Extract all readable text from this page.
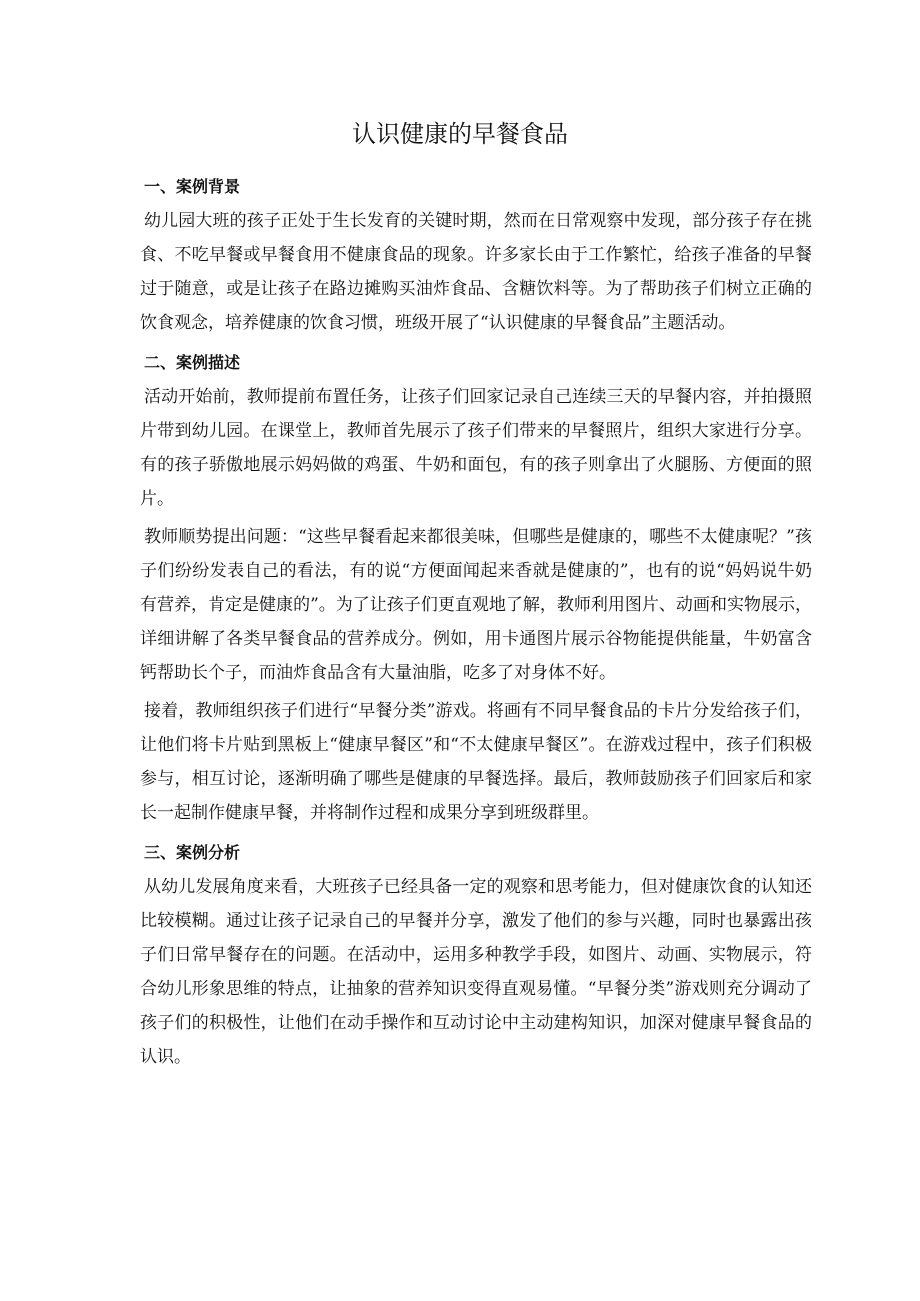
认识健康的早餐食品
一、案例背景

幼儿园大班的孩子正处于生长发育的关键时期，然而在日常观察中发现，部分孩子存在挑食、不吃早餐或早餐食用不健康食品的现象。许多家长由于工作繁忙，给孩子准备的早餐过于随意，或是让孩子在路边摊购买油炸食品、含糖饮料等。为了帮助孩子们树立正确的饮食观念，培养健康的饮食习惯，班级开展了“认识健康的早餐食品”主题活动。

二、案例描述

活动开始前，教师提前布置任务，让孩子们回家记录自己连续三天的早餐内容，并拍摄照片带到幼儿园。在课堂上，教师首先展示了孩子们带来的早餐照片，组织大家进行分享。有的孩子骄傲地展示妈妈做的鸡蛋、牛奶和面包，有的孩子则拿出了火腿肠、方便面的照片。

教师顺势提出问题：“这些早餐看起来都很美味，但哪些是健康的，哪些不太健康呢？”孩子们纷纷发表自己的看法，有的说“方便面闻起来香就是健康的”，也有的说“妈妈说牛奶有营养，肯定是健康的”。为了让孩子们更直观地了解，教师利用图片、动画和实物展示，详细讲解了各类早餐食品的营养成分。例如，用卡通图片展示谷物能提供能量，牛奶富含钙帮助长个子，而油炸食品含有大量油脂，吃多了对身体不好。

接着，教师组织孩子们进行“早餐分类”游戏。将画有不同早餐食品的卡片分发给孩子们，让他们将卡片贴到黑板上“健康早餐区”和“不太健康早餐区”。在游戏过程中，孩子们积极参与，相互讨论，逐渐明确了哪些是健康的早餐选择。最后，教师鼓励孩子们回家后和家长一起制作健康早餐，并将制作过程和成果分享到班级群里。

三、案例分析

从幼儿发展角度来看，大班孩子已经具备一定的观察和思考能力，但对健康饮食的认知还比较模糊。通过让孩子记录自己的早餐并分享，激发了他们的参与兴趣，同时也暴露出孩子们日常早餐存在的问题。在活动中，运用多种教学手段，如图片、动画、实物展示，符合幼儿形象思维的特点，让抽象的营养知识变得直观易懂。“早餐分类”游戏则充分调动了孩子们的积极性，让他们在动手操作和互动讨论中主动建构知识，加深对健康早餐食品的认识。
